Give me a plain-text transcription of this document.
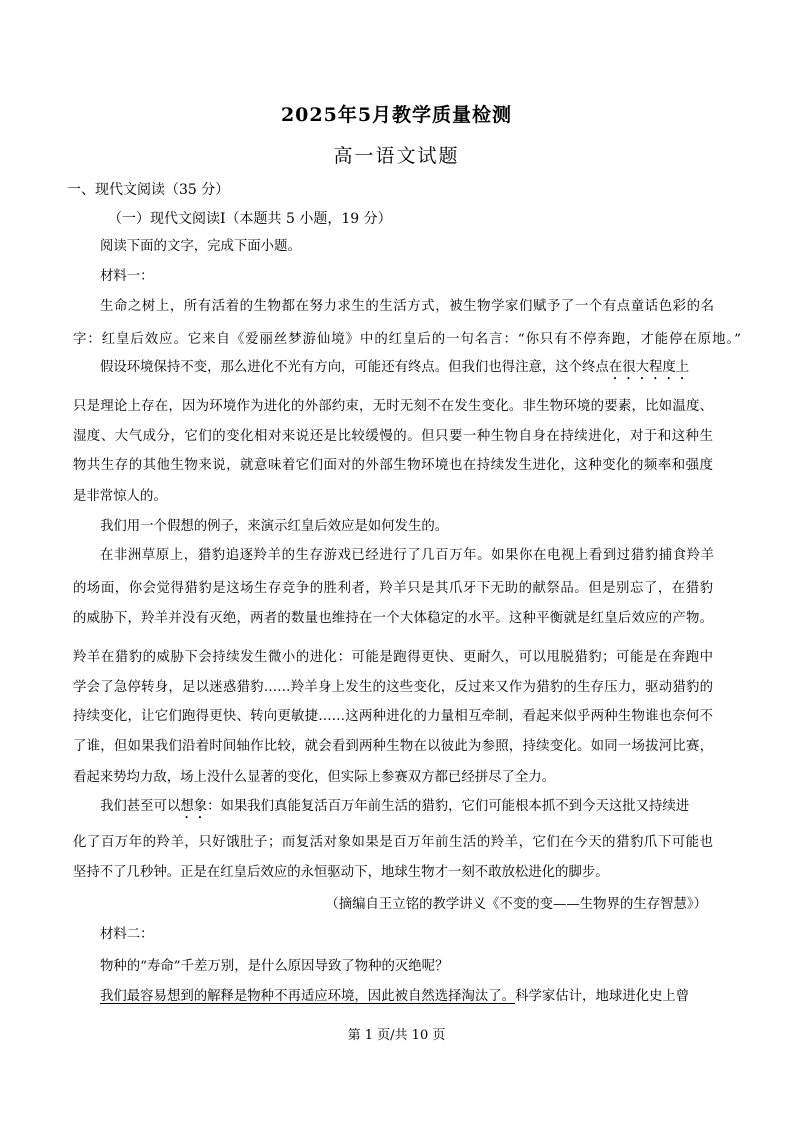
2025年5月教学质量检测
高一语文试题
一、现代文阅读（35 分）
（一）现代文阅读Ⅰ（本题共 5 小题，19 分）
阅读下面的文字，完成下面小题。
材料一：
生命之树上，所有活着的生物都在努力求生的生活方式，被生物学家们赋予了一个有点童话色彩的名
字：红皇后效应。它来自《爱丽丝梦游仙境》中的红皇后的一句名言：“你只有不停奔跑，才能停在原地。”
假设环境保持不变，那么进化不光有方向，可能还有终点。但我们也得注意，这个终点在很大程度上
只是理论上存在，因为环境作为进化的外部约束，无时无刻不在发生变化。非生物环境的要素，比如温度、
湿度、大气成分，它们的变化相对来说还是比较缓慢的。但只要一种生物自身在持续进化，对于和这种生
物共生存的其他生物来说，就意味着它们面对的外部生物环境也在持续发生进化，这种变化的频率和强度
是非常惊人的。
我们用一个假想的例子，来演示红皇后效应是如何发生的。
在非洲草原上，猎豹追逐羚羊的生存游戏已经进行了几百万年。如果你在电视上看到过猎豹捕食羚羊
的场面，你会觉得猎豹是这场生存竞争的胜利者，羚羊只是其爪牙下无助的献祭品。但是别忘了，在猎豹
的威胁下，羚羊并没有灭绝，两者的数量也维持在一个大体稳定的水平。这种平衡就是红皇后效应的产物。
羚羊在猎豹的威胁下会持续发生微小的进化：可能是跑得更快、更耐久，可以甩脱猎豹；可能是在奔跑中
学会了急停转身，足以迷惑猎豹……羚羊身上发生的这些变化，反过来又作为猎豹的生存压力，驱动猎豹的
持续变化，让它们跑得更快、转向更敏捷……这两种进化的力量相互牵制，看起来似乎两种生物谁也奈何不
了谁，但如果我们沿着时间轴作比较，就会看到两种生物在以彼此为参照，持续变化。如同一场拔河比赛，
看起来势均力敌，场上没什么显著的变化，但实际上参赛双方都已经拼尽了全力。
我们甚至可以想象：如果我们真能复活百万年前生活的猎豹，它们可能根本抓不到今天这批又持续进
化了百万年的羚羊，只好饿肚子；而复活对象如果是百万年前生活的羚羊，它们在今天的猎豹爪下可能也
坚持不了几秒钟。正是在红皇后效应的永恒驱动下，地球生物才一刻不敢放松进化的脚步。
（摘编自王立铭的教学讲义《不变的变——生物界的生存智慧》）
材料二：
物种的“寿命”千差万别，是什么原因导致了物种的灭绝呢？
我们最容易想到的解释是物种不再适应环境，因此被自然选择淘汰了。科学家估计，地球进化史上曾
第 1 页/共 10 页
